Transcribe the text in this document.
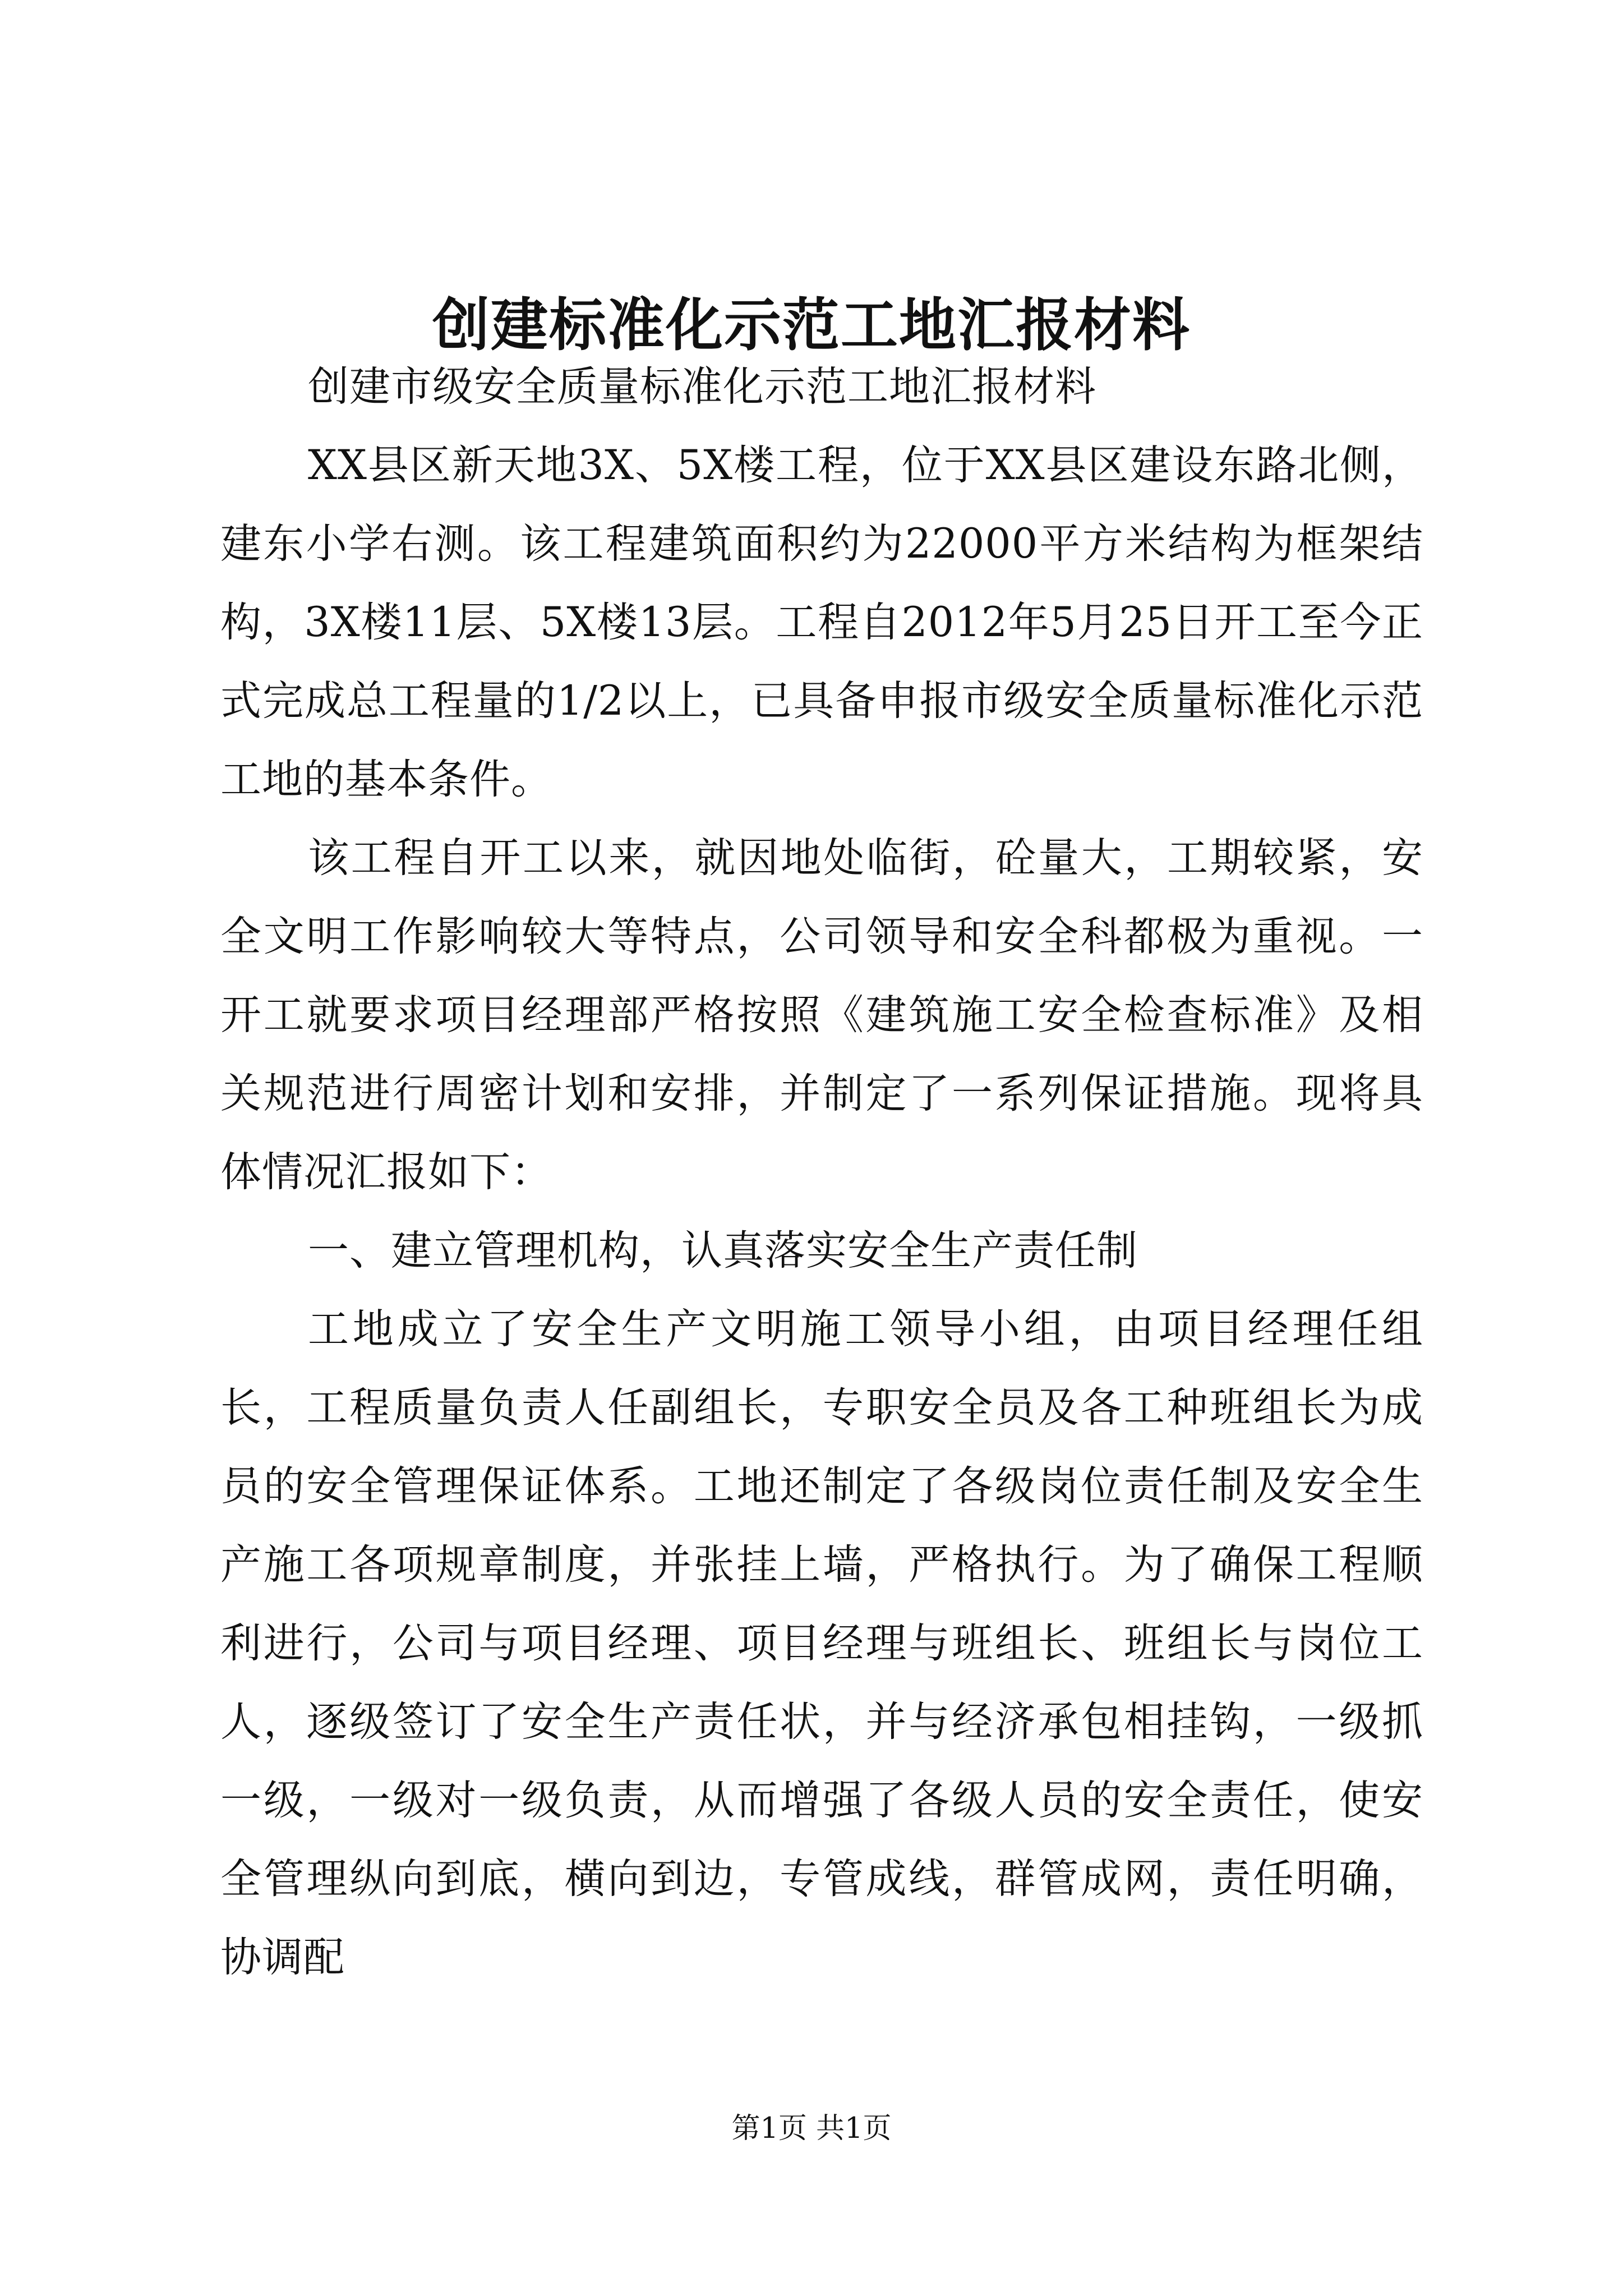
创建标准化示范工地汇报材料

创建市级安全质量标准化示范工地汇报材料

XX县区新天地3X、5X楼工程，位于XX县区建设东路北侧，建东小学右测。该工程建筑面积约为22000平方米结构为框架结构，3X楼11层、5X楼13层。工程自2012年5月25日开工至今正式完成总工程量的1/2以上，已具备申报市级安全质量标准化示范工地的基本条件。

该工程自开工以来，就因地处临街，砼量大，工期较紧，安全文明工作影响较大等特点，公司领导和安全科都极为重视。一开工就要求项目经理部严格按照《建筑施工安全检查标准》及相关规范进行周密计划和安排，并制定了一系列保证措施。现将具体情况汇报如下：

一、建立管理机构，认真落实安全生产责任制

工地成立了安全生产文明施工领导小组，由项目经理任组长，工程质量负责人任副组长，专职安全员及各工种班组长为成员的安全管理保证体系。工地还制定了各级岗位责任制及安全生产施工各项规章制度，并张挂上墙，严格执行。为了确保工程顺利进行，公司与项目经理、项目经理与班组长、班组长与岗位工人，逐级签订了安全生产责任状，并与经济承包相挂钩，一级抓一级，一级对一级负责，从而增强了各级人员的安全责任，使安全管理纵向到底，横向到边，专管成线，群管成网，责任明确，协调配

第1页 共1页
